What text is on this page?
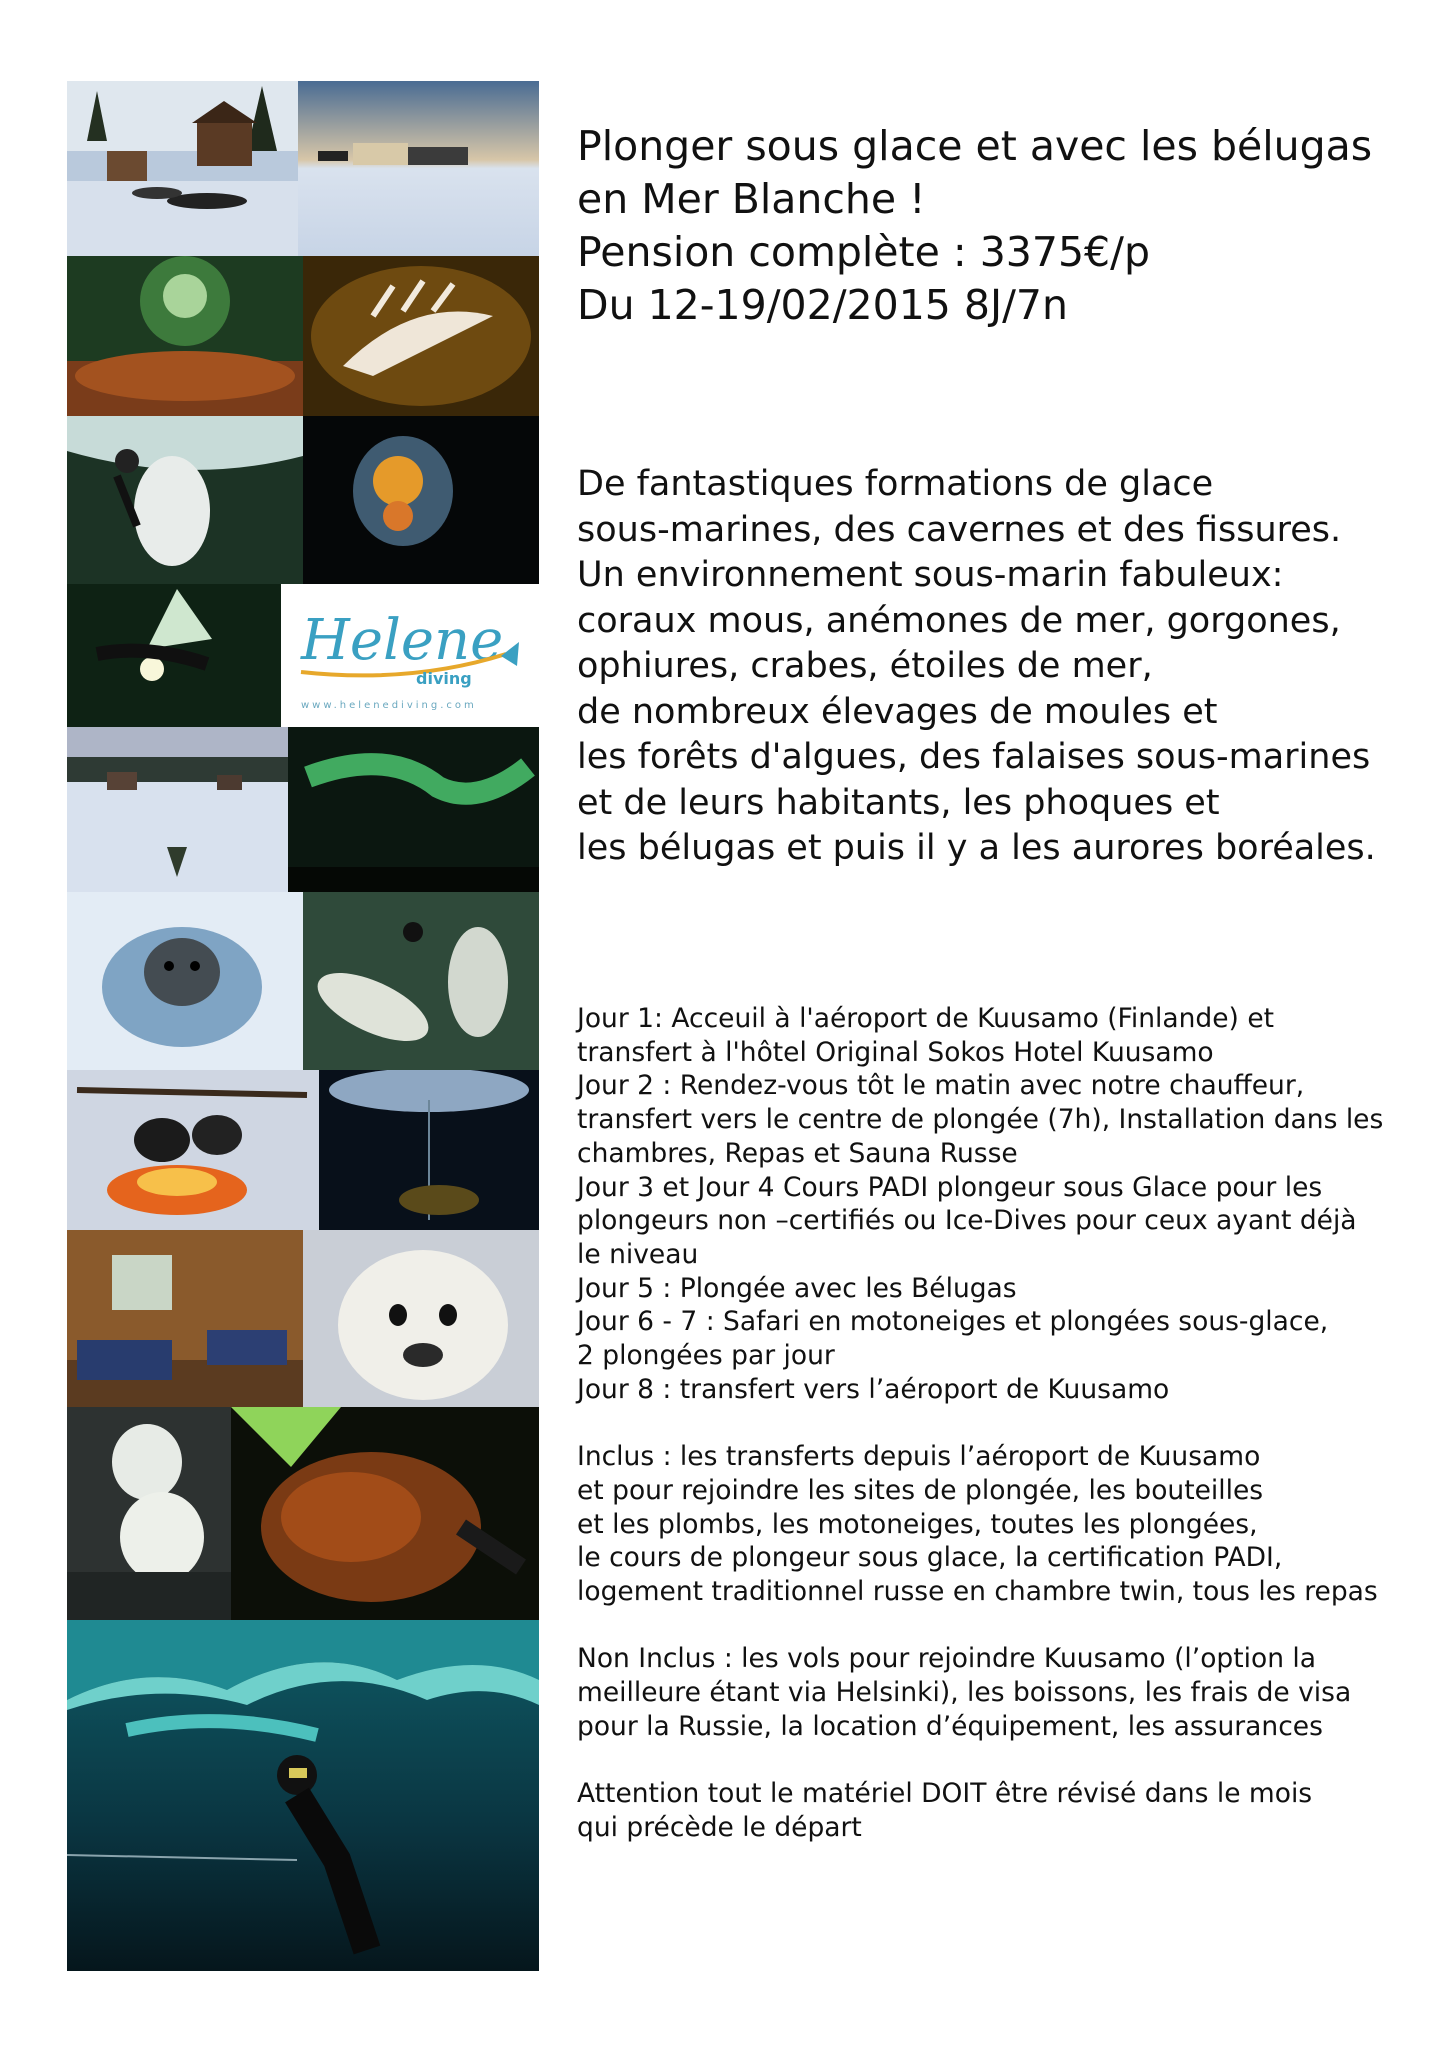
Helene
diving
www.helenediving.com

Plonger sous glace et avec les bélugas
en Mer Blanche !
Pension complète : 3375€/p
Du 12-19/02/2015 8J/7n

De fantastiques formations de glace
sous-marines, des cavernes et des fissures.
Un environnement sous-marin fabuleux:
coraux mous, anémones de mer, gorgones,
ophiures, crabes, étoiles de mer,
de nombreux élevages de moules et
les forêts d'algues, des falaises sous-marines
et de leurs habitants, les phoques et
les bélugas et puis il y a les aurores boréales.

Jour 1: Acceuil à l'aéroport de Kuusamo (Finlande) et
transfert à l'hôtel Original Sokos Hotel Kuusamo
Jour 2 : Rendez-vous tôt le matin avec notre chauffeur,
transfert vers le centre de plongée (7h), Installation dans les
chambres, Repas et Sauna Russe
Jour 3 et Jour 4 Cours PADI plongeur sous Glace pour les
plongeurs non –certifiés ou Ice-Dives pour ceux ayant déjà
le niveau
Jour 5 : Plongée avec les Bélugas
Jour 6 - 7 : Safari en motoneiges et plongées sous-glace,
2 plongées par jour
Jour 8 : transfert vers l’aéroport de Kuusamo
Inclus : les transferts depuis l’aéroport de Kuusamo
et pour rejoindre les sites de plongée, les bouteilles
et les plombs, les motoneiges, toutes les plongées,
le cours de plongeur sous glace, la certification PADI,
logement traditionnel russe en chambre twin, tous les repas
Non Inclus : les vols pour rejoindre Kuusamo (l’option la
meilleure étant via Helsinki), les boissons, les frais de visa
pour la Russie, la location d’équipement, les assurances
Attention tout le matériel DOIT être révisé dans le mois
qui précède le départ
